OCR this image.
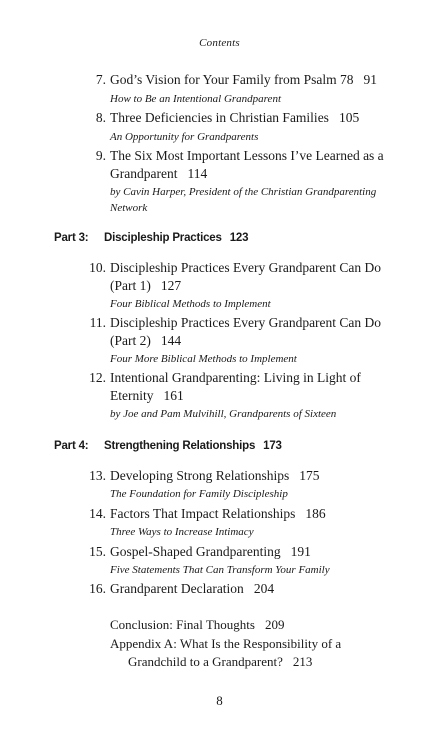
Contents
7. God’s Vision for Your Family from Psalm 78 91
How to Be an Intentional Grandparent
8. Three Deficiencies in Christian Families 105
An Opportunity for Grandparents
9. The Six Most Important Lessons I’ve Learned as a
Grandparent 114
by Cavin Harper, President of the Christian Grandparenting
Network
Part 3: Discipleship Practices 123
10. Discipleship Practices Every Grandparent Can Do
(Part 1) 127
Four Biblical Methods to Implement
11. Discipleship Practices Every Grandparent Can Do
(Part 2) 144
Four More Biblical Methods to Implement
12. Intentional Grandparenting: Living in Light of
Eternity 161
by Joe and Pam Mulvihill, Grandparents of Sixteen
Part 4: Strengthening Relationships 173
13. Developing Strong Relationships 175
The Foundation for Family Discipleship
14. Factors That Impact Relationships 186
Three Ways to Increase Intimacy
15. Gospel-Shaped Grandparenting 191
Five Statements That Can Transform Your Family
16. Grandparent Declaration 204
Conclusion: Final Thoughts 209
Appendix A: What Is the Responsibility of a
Grandchild to a Grandparent? 213
8
